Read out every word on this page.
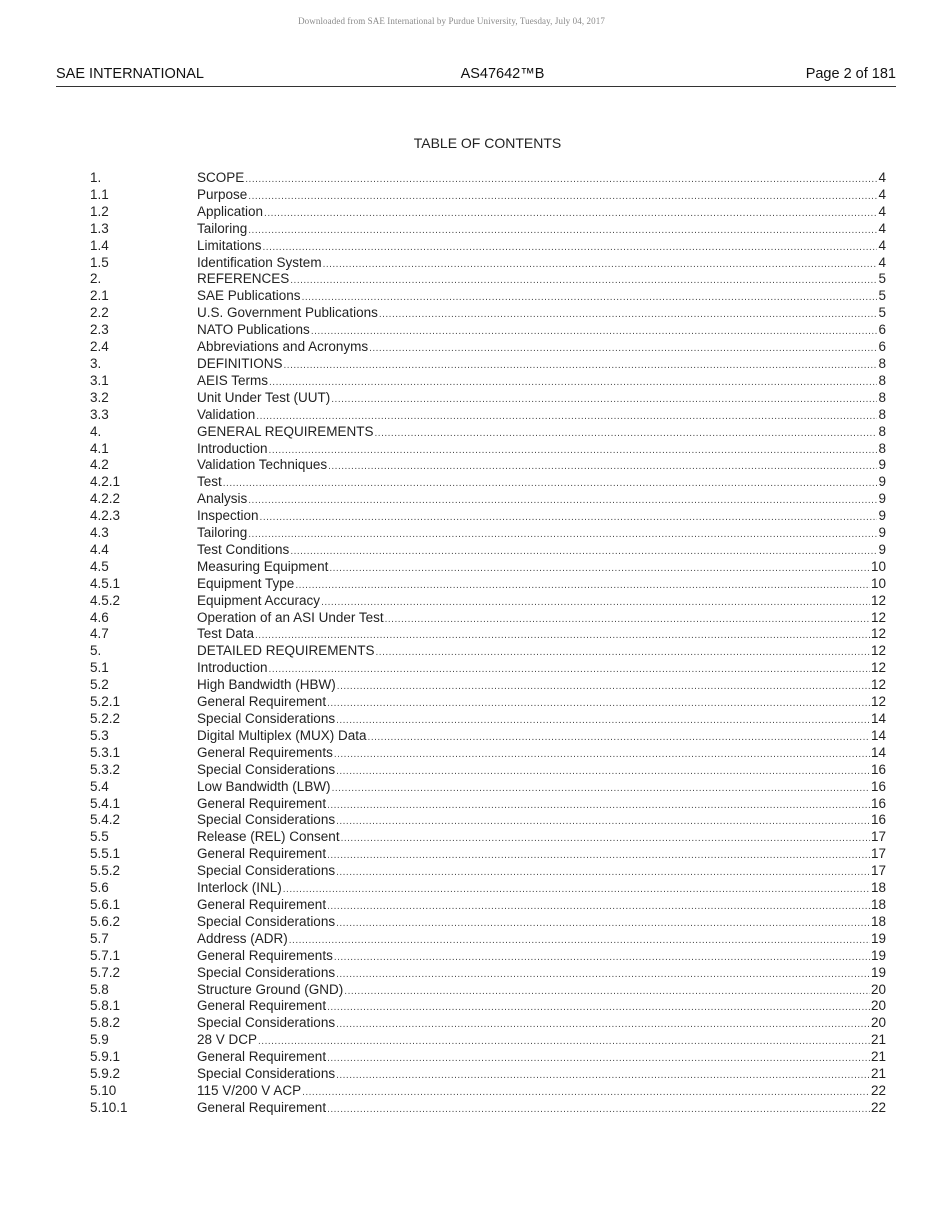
Downloaded from SAE International by Purdue University, Tuesday, July 04, 2017
SAE INTERNATIONAL	AS47642™B	Page 2 of 181
TABLE OF CONTENTS
1.	SCOPE .....	4
1.1	Purpose .....	4
1.2	Application .....	4
1.3	Tailoring .....	4
1.4	Limitations .....	4
1.5	Identification System .....	4
2.	REFERENCES .....	5
2.1	SAE Publications .....	5
2.2	U.S. Government Publications .....	5
2.3	NATO Publications .....	6
2.4	Abbreviations and Acronyms .....	6
3.	DEFINITIONS .....	8
3.1	AEIS Terms .....	8
3.2	Unit Under Test (UUT) .....	8
3.3	Validation .....	8
4.	GENERAL REQUIREMENTS .....	8
4.1	Introduction .....	8
4.2	Validation Techniques .....	9
4.2.1	Test .....	9
4.2.2	Analysis .....	9
4.2.3	Inspection .....	9
4.3	Tailoring .....	9
4.4	Test Conditions .....	9
4.5	Measuring Equipment .....	10
4.5.1	Equipment Type .....	10
4.5.2	Equipment Accuracy .....	12
4.6	Operation of an ASI Under Test .....	12
4.7	Test Data .....	12
5.	DETAILED REQUIREMENTS .....	12
5.1	Introduction .....	12
5.2	High Bandwidth (HBW) .....	12
5.2.1	General Requirement .....	12
5.2.2	Special Considerations .....	14
5.3	Digital Multiplex (MUX) Data .....	14
5.3.1	General Requirements .....	14
5.3.2	Special Considerations .....	16
5.4	Low Bandwidth (LBW) .....	16
5.4.1	General Requirement .....	16
5.4.2	Special Considerations .....	16
5.5	Release (REL) Consent .....	17
5.5.1	General Requirement .....	17
5.5.2	Special Considerations .....	17
5.6	Interlock (INL) .....	18
5.6.1	General Requirement .....	18
5.6.2	Special Considerations .....	18
5.7	Address (ADR) .....	19
5.7.1	General Requirements .....	19
5.7.2	Special Considerations .....	19
5.8	Structure Ground (GND) .....	20
5.8.1	General Requirement .....	20
5.8.2	Special Considerations .....	20
5.9	28 V DCP .....	21
5.9.1	General Requirement .....	21
5.9.2	Special Considerations .....	21
5.10	115 V/200 V ACP .....	22
5.10.1	General Requirement .....	22
